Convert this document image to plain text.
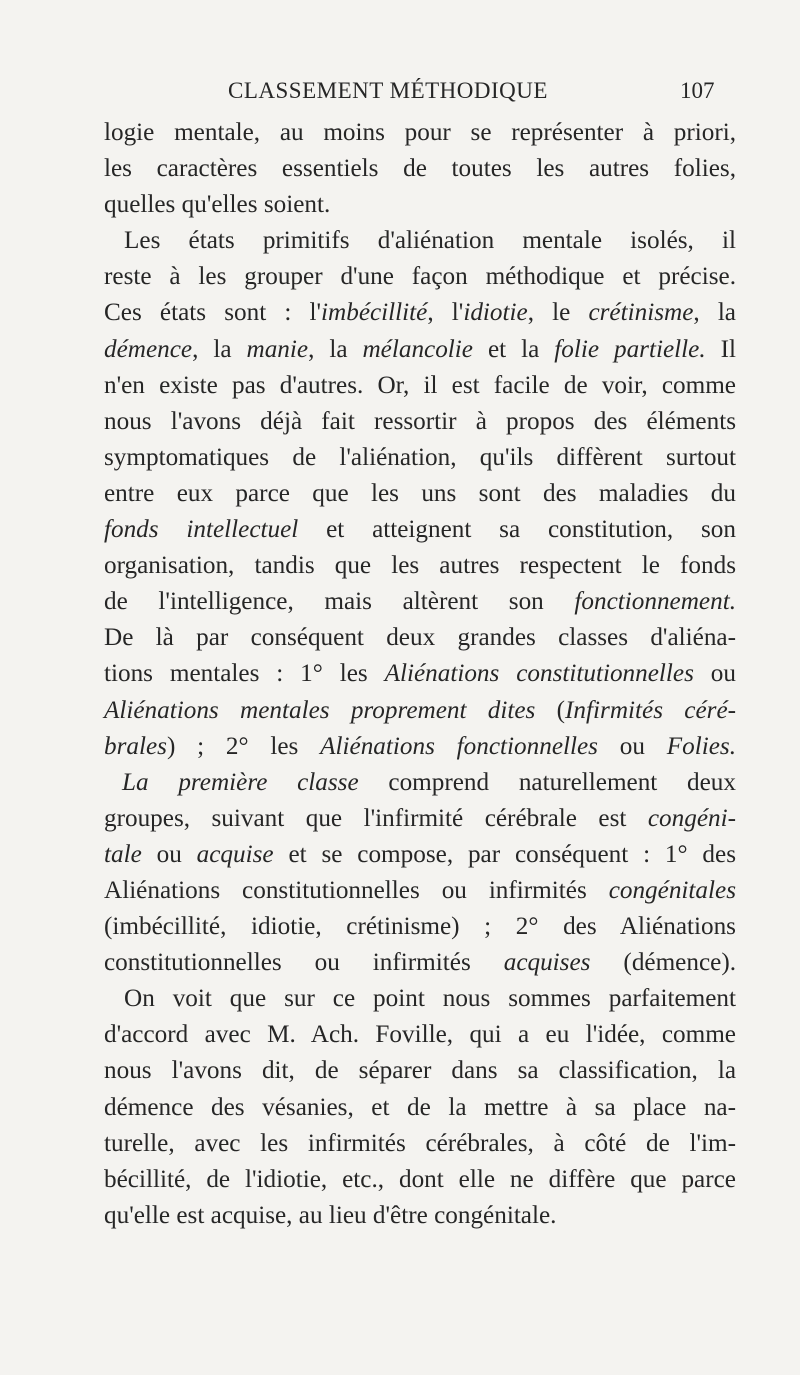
CLASSEMENT MÉTHODIQUE	107
logie mentale, au moins pour se représenter à priori,
les caractères essentiels de toutes les autres folies,
quelles qu'elles soient.
Les états primitifs d'aliénation mentale isolés, il
reste à les grouper d'une façon méthodique et précise.
Ces états sont : l'imbécillité, l'idiotie, le crétinisme, la
démence, la manie, la mélancolie et la folie partielle. Il
n'en existe pas d'autres. Or, il est facile de voir, comme
nous l'avons déjà fait ressortir à propos des éléments
symptomatiques de l'aliénation, qu'ils diffèrent surtout
entre eux parce que les uns sont des maladies du
fonds intellectuel et atteignent sa constitution, son
organisation, tandis que les autres respectent le fonds
de l'intelligence, mais altèrent son fonctionnement.
De là par conséquent deux grandes classes d'aliéna-
tions mentales : 1° les Aliénations constitutionnelles ou
Aliénations mentales proprement dites (Infirmités céré-
brales) ; 2° les Aliénations fonctionnelles ou Folies.
La première classe comprend naturellement deux
groupes, suivant que l'infirmité cérébrale est congéni-
tale ou acquise et se compose, par conséquent : 1° des
Aliénations constitutionnelles ou infirmités congénitales
(imbécillité, idiotie, crétinisme) ; 2° des Aliénations
constitutionnelles ou infirmités acquises (démence).
On voit que sur ce point nous sommes parfaitement
d'accord avec M. Ach. Foville, qui a eu l'idée, comme
nous l'avons dit, de séparer dans sa classification, la
démence des vésanies, et de la mettre à sa place na-
turelle, avec les infirmités cérébrales, à côté de l'im-
bécillité, de l'idiotie, etc., dont elle ne diffère que parce
qu'elle est acquise, au lieu d'être congénitale.
